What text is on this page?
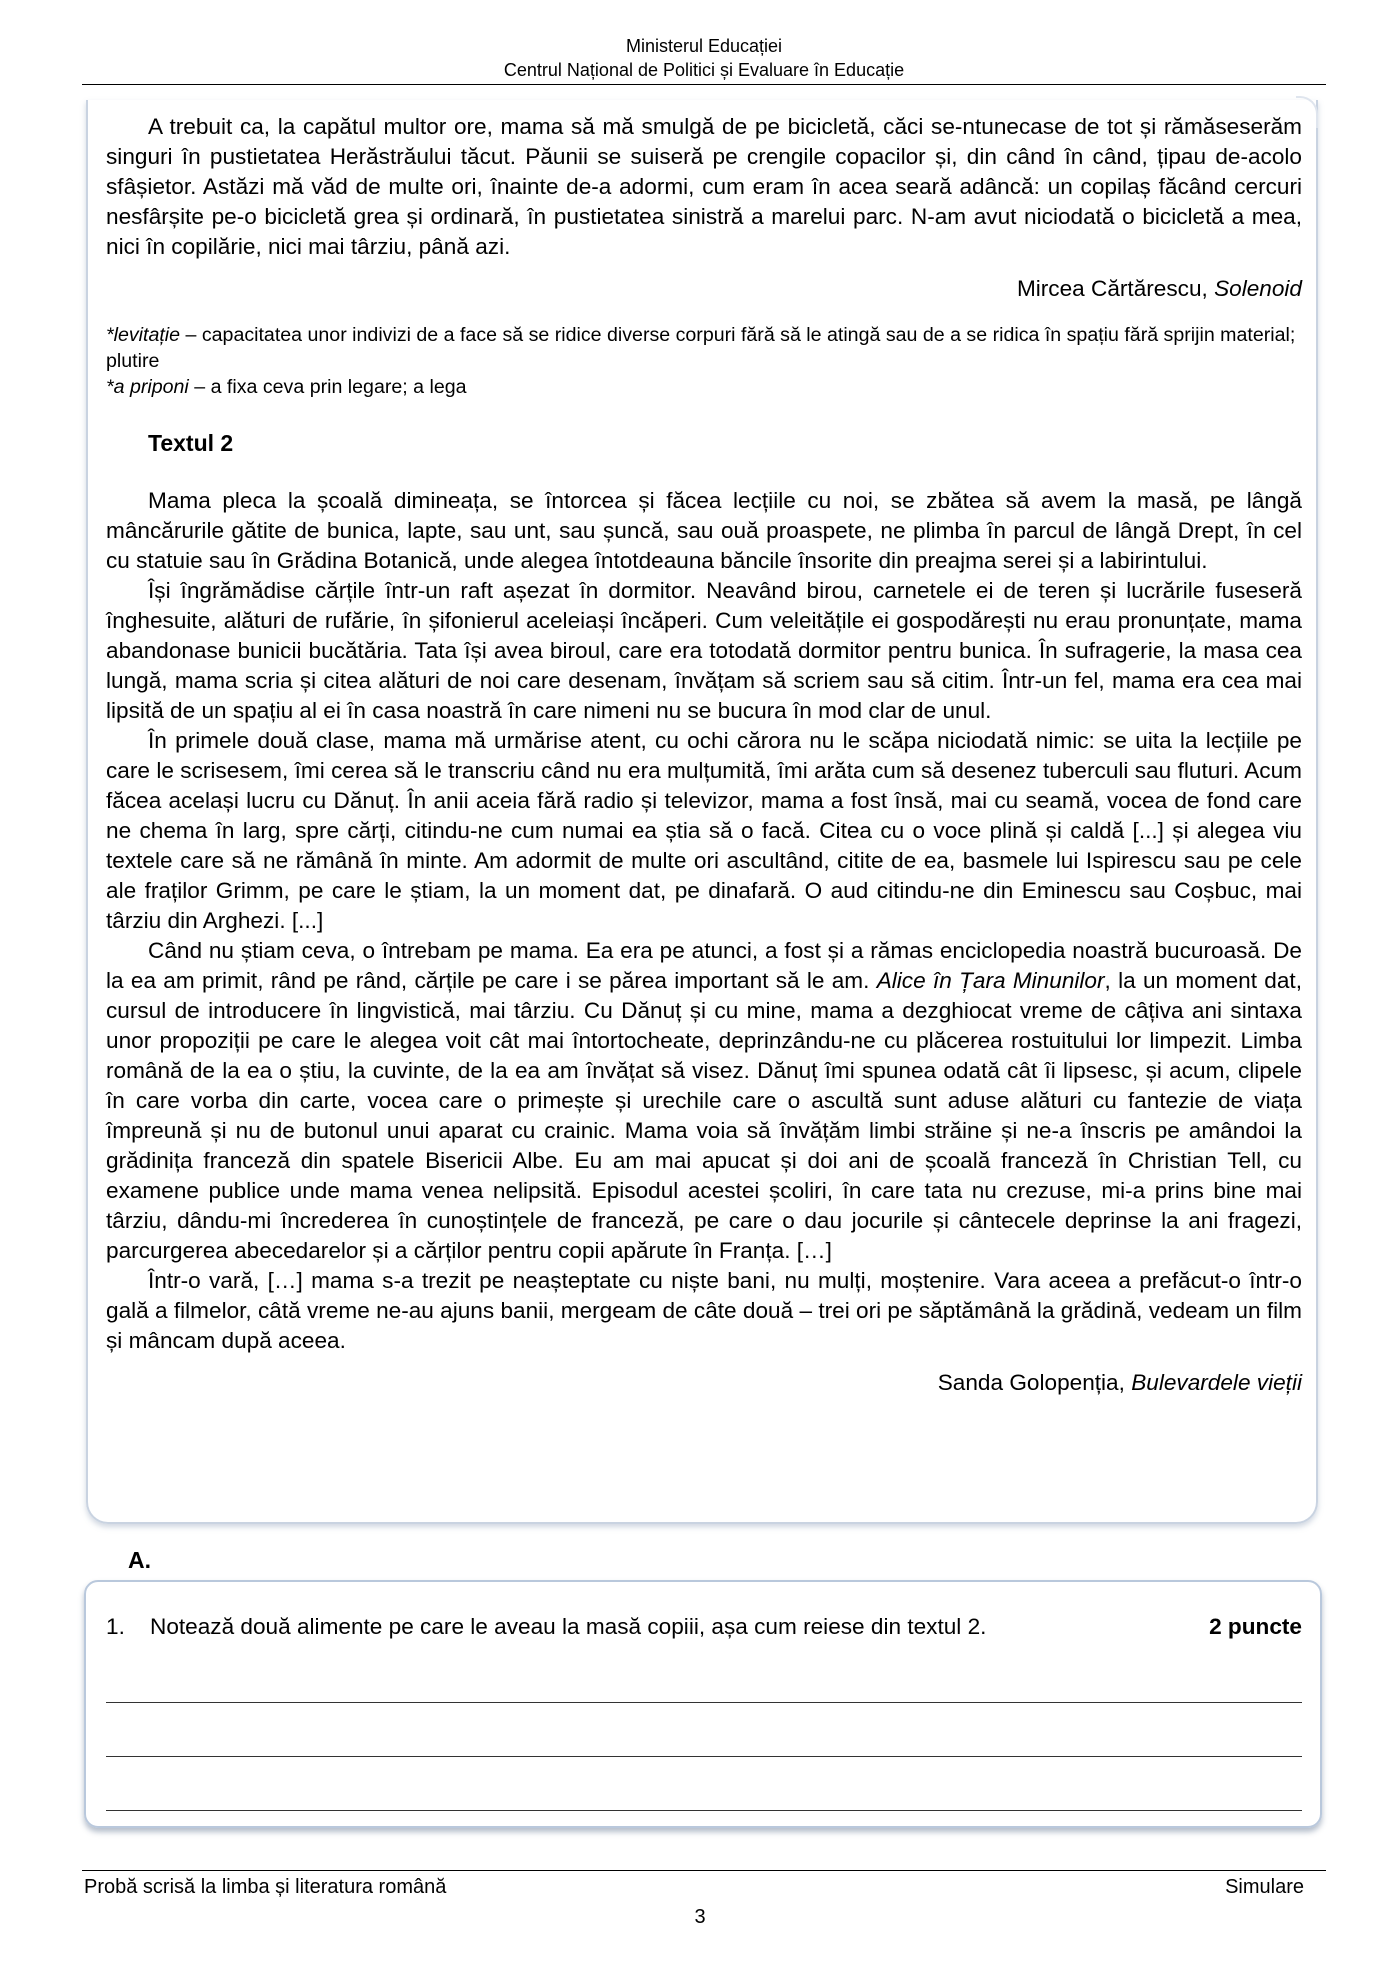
Ministerul Educației
Centrul Național de Politici și Evaluare în Educație

A trebuit ca, la capătul multor ore, mama să mă smulgă de pe bicicletă, căci se-ntunecase de tot și rămăseserăm singuri în pustietatea Herăstrăului tăcut. Păunii se suiseră pe crengile copacilor și, din când în când, țipau de-acolo sfâșietor. Astăzi mă văd de multe ori, înainte de-a adormi, cum eram în acea seară adâncă: un copilaș făcând cercuri nesfârșite pe-o bicicletă grea și ordinară, în pustietatea sinistră a marelui parc. N-am avut niciodată o bicicletă a mea, nici în copilărie, nici mai târziu, până azi.

Mircea Cărtărescu, Solenoid
*levitație – capacitatea unor indivizi de a face să se ridice diverse corpuri fără să le atingă sau de a se ridica în spațiu fără sprijin material; plutire
*a priponi – a fixa ceva prin legare; a lega
Textul 2

Mama pleca la școală dimineața, se întorcea și făcea lecțiile cu noi, se zbătea să avem la masă, pe lângă mâncărurile gătite de bunica, lapte, sau unt, sau șuncă, sau ouă proaspete, ne plimba în parcul de lângă Drept, în cel cu statuie sau în Grădina Botanică, unde alegea întotdeauna băncile însorite din preajma serei și a labirintului.

Își îngrămădise cărțile într-un raft așezat în dormitor. Neavând birou, carnetele ei de teren și lucrările fuseseră înghesuite, alături de rufărie, în șifonierul aceleiași încăperi. Cum veleitățile ei gospodărești nu erau pronunțate, mama abandonase bunicii bucătăria. Tata își avea biroul, care era totodată dormitor pentru bunica. În sufragerie, la masa cea lungă, mama scria și citea alături de noi care desenam, învățam să scriem sau să citim. Într-un fel, mama era cea mai lipsită de un spațiu al ei în casa noastră în care nimeni nu se bucura în mod clar de unul.

În primele două clase, mama mă urmărise atent, cu ochi cărora nu le scăpa niciodată nimic: se uita la lecțiile pe care le scrisesem, îmi cerea să le transcriu când nu era mulțumită, îmi arăta cum să desenez tuberculi sau fluturi. Acum făcea același lucru cu Dănuț. În anii aceia fără radio și televizor, mama a fost însă, mai cu seamă, vocea de fond care ne chema în larg, spre cărți, citindu-ne cum numai ea știa să o facă. Citea cu o voce plină și caldă [...] și alegea viu textele care să ne rămână în minte. Am adormit de multe ori ascultând, citite de ea, basmele lui Ispirescu sau pe cele ale fraților Grimm, pe care le știam, la un moment dat, pe dinafară. O aud citindu-ne din Eminescu sau Coșbuc, mai târziu din Arghezi. [...]

Când nu știam ceva, o întrebam pe mama. Ea era pe atunci, a fost și a rămas enciclopedia noastră bucuroasă. De la ea am primit, rând pe rând, cărțile pe care i se părea important să le am. Alice în Țara Minunilor, la un moment dat, cursul de introducere în lingvistică, mai târziu. Cu Dănuț și cu mine, mama a dezghiocat vreme de câțiva ani sintaxa unor propoziții pe care le alegea voit cât mai întortocheate, deprinzându-ne cu plăcerea rostuitului lor limpezit. Limba română de la ea o știu, la cuvinte, de la ea am învățat să visez. Dănuț îmi spunea odată cât îi lipsesc, și acum, clipele în care vorba din carte, vocea care o primește și urechile care o ascultă sunt aduse alături cu fantezie de viața împreună și nu de butonul unui aparat cu crainic. Mama voia să învățăm limbi străine și ne-a înscris pe amândoi la grădinița franceză din spatele Bisericii Albe. Eu am mai apucat și doi ani de școală franceză în Christian Tell, cu examene publice unde mama venea nelipsită. Episodul acestei școliri, în care tata nu crezuse, mi-a prins bine mai târziu, dându-mi încrederea în cunoștințele de franceză, pe care o dau jocurile și cântecele deprinse la ani fragezi, parcurgerea abecedarelor și a cărților pentru copii apărute în Franța. […]

Într-o vară, […] mama s-a trezit pe neașteptate cu niște bani, nu mulți, moștenire. Vara aceea a prefăcut-o într-o gală a filmelor, câtă vreme ne-au ajuns banii, mergeam de câte două – trei ori pe săptămână la grădină, vedeam un film și mâncam după aceea.

Sanda Golopenția, Bulevardele vieții
A.
1. Notează două alimente pe care le aveau la masă copiii, așa cum reiese din textul 2.	2 puncte
Probă scrisă la limba și literatura română	Simulare
3
